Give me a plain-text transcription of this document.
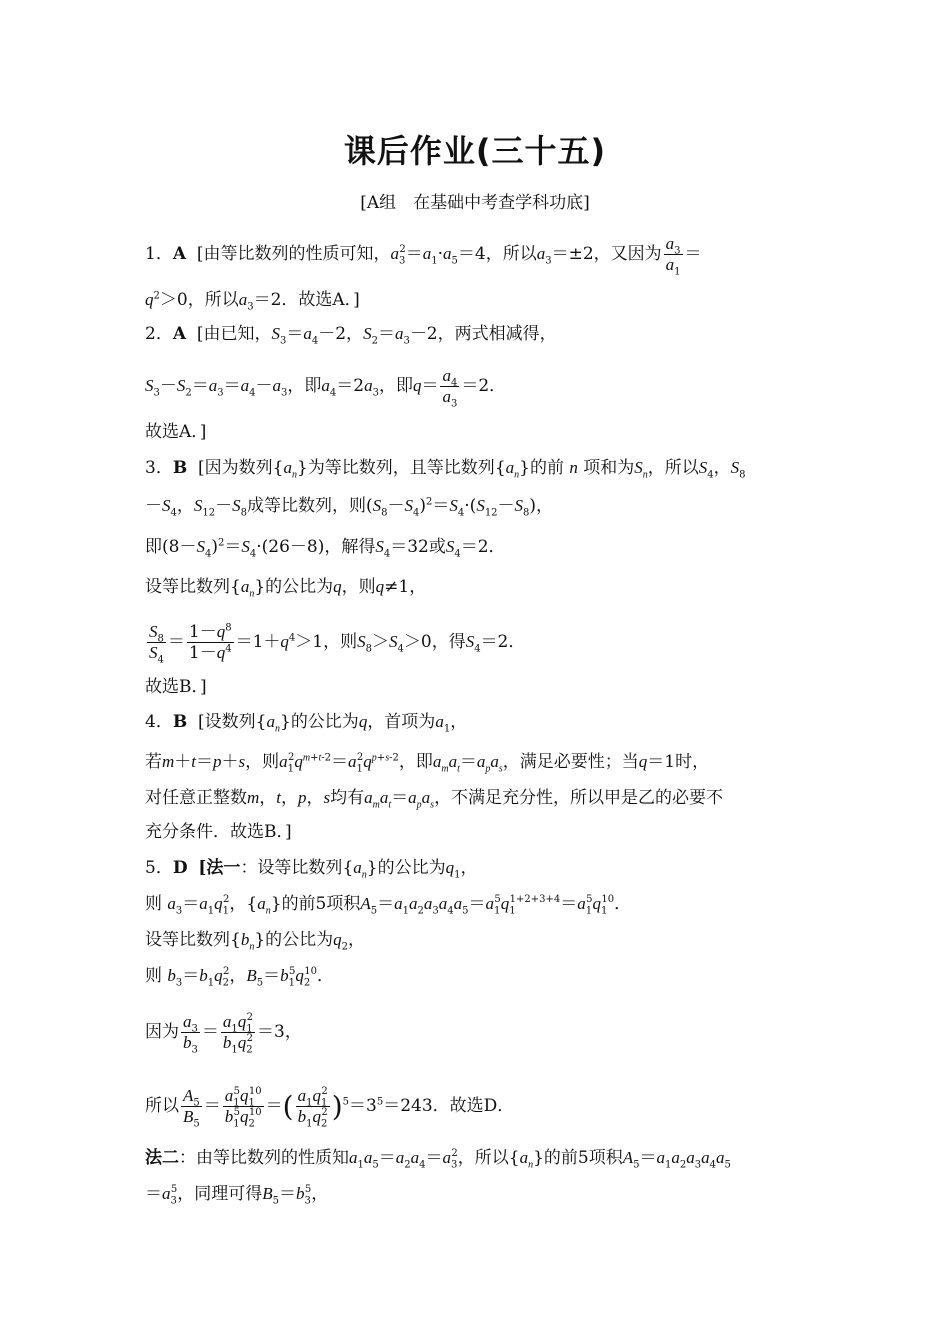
课后作业(三十五)
[A组　在基础中考查学科功底]
1．A [由等比数列的性质可知，$a_3^2=a_1\cdot a_5=4$，所以$a_3=\pm 2$，又因为 $\frac{a_3}{a_1}$ ＝
$q^2>0$，所以$a_3=2$．故选A．]
2．A [由已知，$S_3=a_4-2$，$S_2=a_3-2$，两式相减得，
$S_3-S_2=a_3=a_4-a_3$，即$a_4=2a_3$，即$q= \frac{a_4}{a_3} =2$．
故选A．]
3．B [因为数列$\{a_n\}$为等比数列，且等比数列$\{a_n\}$的前 n 项和为$S_n$，所以$S_4$，$S_8$
$-S_4$，$S_{12}-S_8$成等比数列，则$(S_8-S_4)^2=S_4\cdot(S_{12}-S_8)$，
即$(8-S_4)^2=S_4\cdot(26-8)$，解得$S_4=32$或$S_4=2$．
设等比数列$\{a_n\}$的公比为q，则q≠1，
$\frac{S_8}{S_4} = \frac{1-q^8}{1-q^4} =1+q^4>1$，则$S_8>S_4>0$，得$S_4=2$．
故选B．]
4．B [设数列$\{a_n\}$的公比为q，首项为$a_1$，
若m＋t＝p＋s，则$a_1^2q^{m+t-2}=a_1^2q^{p+s-2}$，即$a_ma_t=a_pa_s$，满足必要性；当q＝1时，
对任意正整数m，t，p，s均有$a_ma_t=a_pa_s$，不满足充分性，所以甲是乙的必要不
充分条件．故选B．]
5．D [法一：设等比数列$\{a_n\}$的公比为$q_1$，
则 $a_3=a_1q_1^2$，$\{a_n\}$的前5项积$A_5=a_1a_2a_3a_4a_5=a_1^5q_1^{1+2+3+4}=a_1^5q_1^{10}$．
设等比数列$\{b_n\}$的公比为$q_2$，
则 $b_3=b_1q_2^2$，$B_5=b_1^5q_2^{10}$．
因为 $\frac{a_3}{b_3} = \frac{a_1q_1^2}{b_1q_2^2} =3$，
所以 $\frac{A_5}{B_5} = \frac{a_1^5q_1^{10}}{b_1^5q_2^{10}}$ ＝( $\frac{a_1q_1^2}{b_1q_2^2} )^5=3^5=243$．故选D．
法二：由等比数列的性质知$a_1a_5=a_2a_4=a_3^2$，所以$\{a_n\}$的前5项积$A_5=a_1a_2a_3a_4a_5$
$=a_3^5$，同理可得$B_5=b_3^5$，
